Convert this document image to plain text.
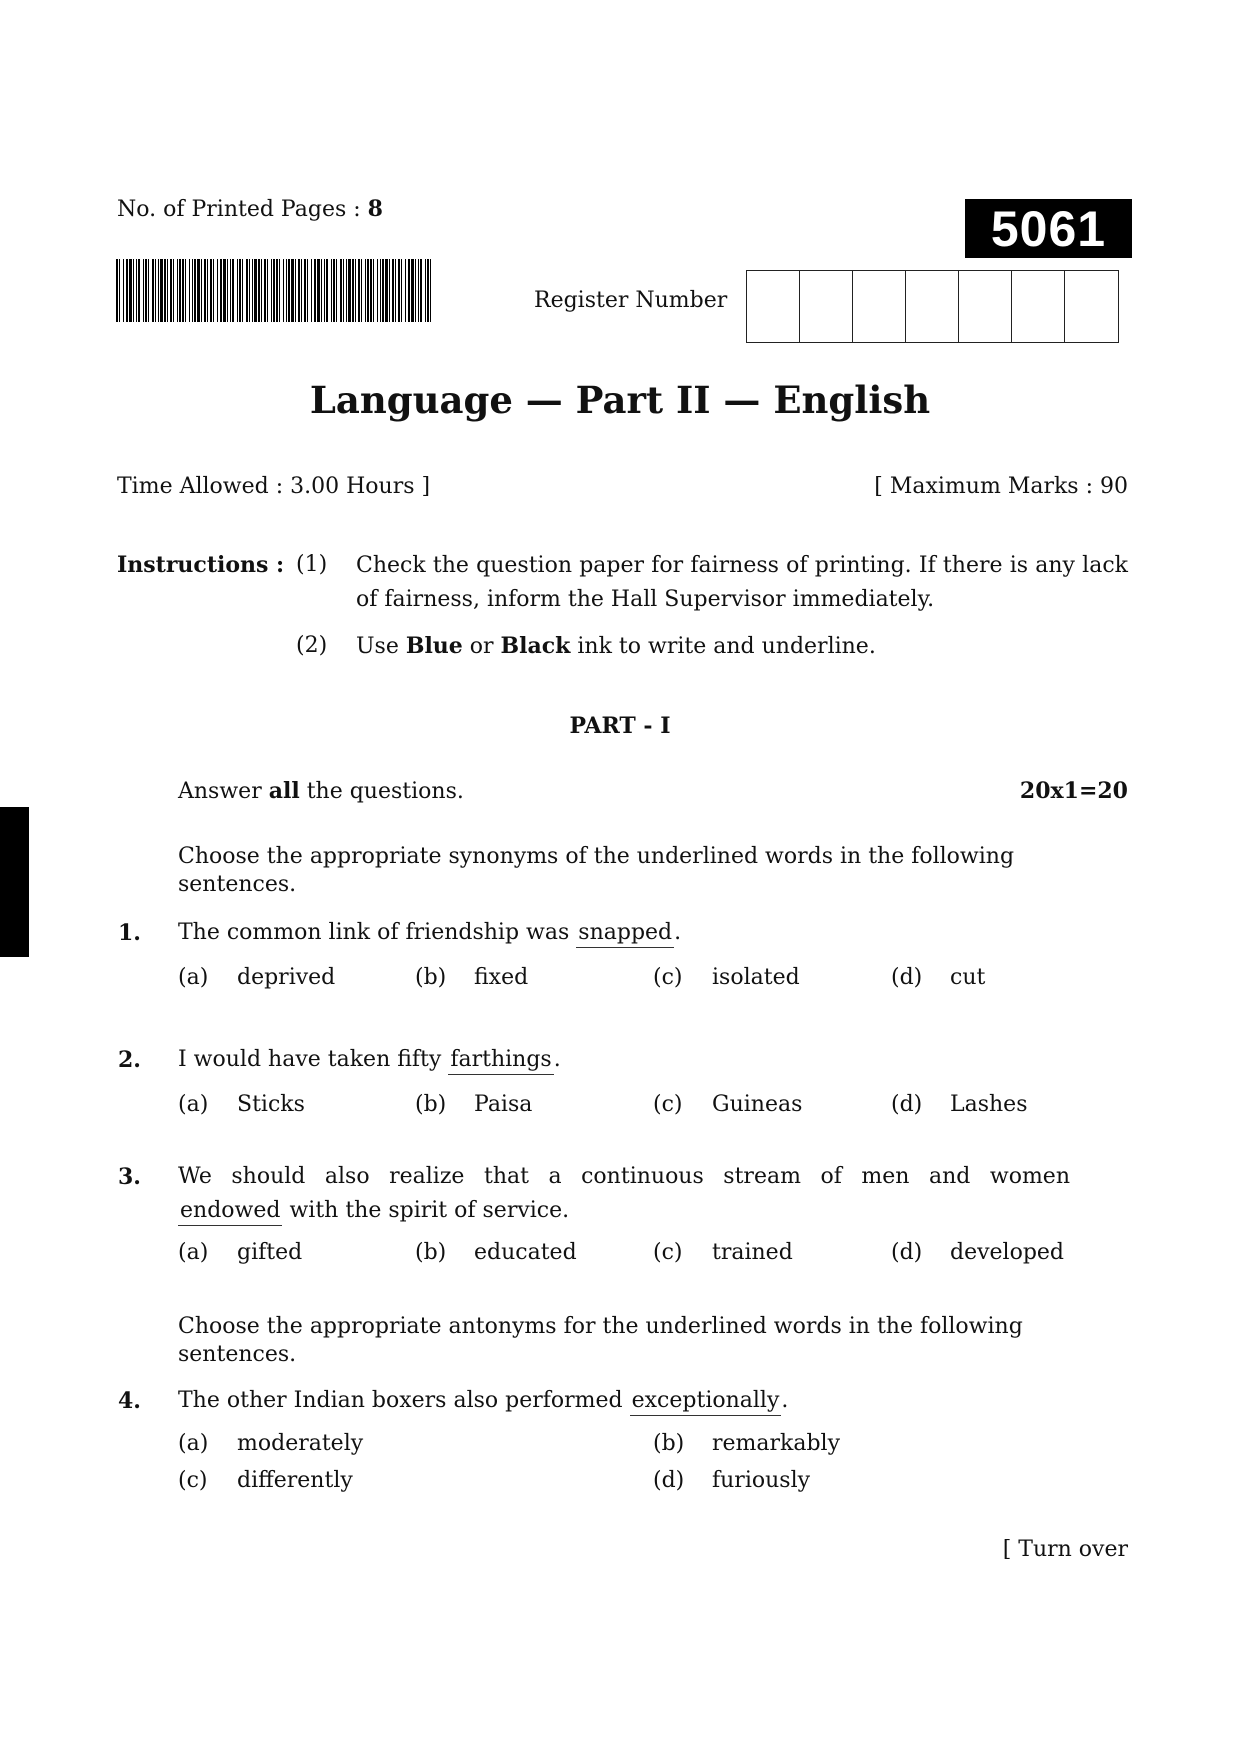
No. of Printed Pages : 8	5061
Register Number
Language — Part II — English
Time Allowed : 3.00 Hours ]	[ Maximum Marks : 90
Instructions : (1) Check the question paper for fairness of printing. If there is any lack of fairness, inform the Hall Supervisor immediately.
(2) Use Blue or Black ink to write and underline.
PART - I
Answer all the questions.	20x1=20
Choose the appropriate synonyms of the underlined words in the following sentences.
1. The common link of friendship was snapped.
(a) deprived	(b) fixed	(c) isolated	(d) cut
2. I would have taken fifty farthings.
(a) Sticks	(b) Paisa	(c) Guineas	(d) Lashes
3. We should also realize that a continuous stream of men and women
endowed with the spirit of service.
(a) gifted	(b) educated	(c) trained	(d) developed
Choose the appropriate antonyms for the underlined words in the following sentences.
4. The other Indian boxers also performed exceptionally.
(a) moderately	(b) remarkably
(c) differently	(d) furiously
[ Turn over
